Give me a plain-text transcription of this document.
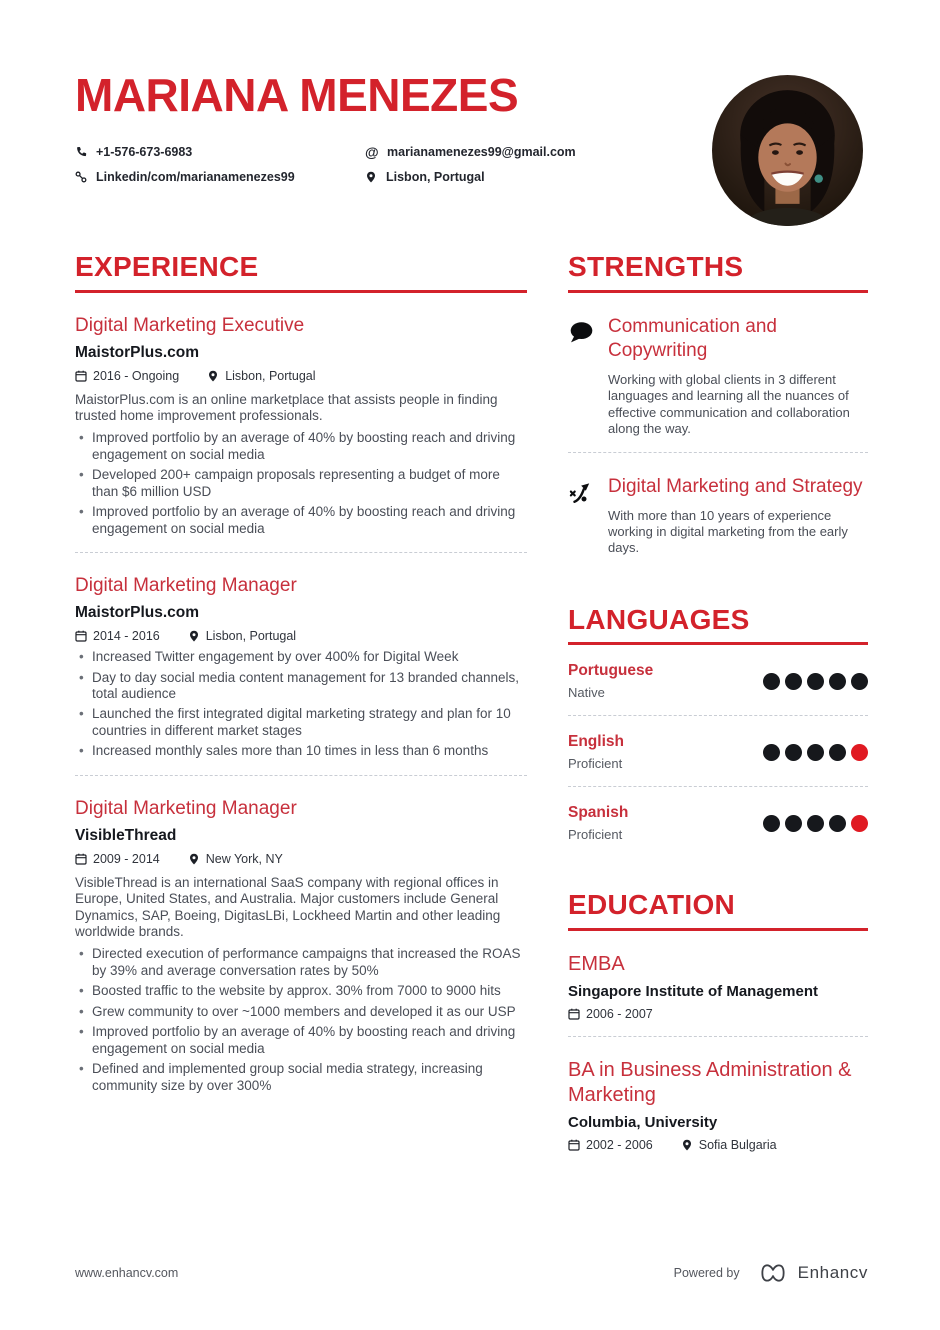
MARIANA MENEZES
+1-576-673-6983	@ marianamenezes99@gmail.com
Linkedin/com/marianamenezes99	Lisbon, Portugal
EXPERIENCE
Digital Marketing Executive
MaistorPlus.com
2016 - Ongoing	Lisbon, Portugal

MaistorPlus.com is an online marketplace that assists people in finding trusted home improvement professionals.

• Improved portfolio by an average of 40% by boosting reach and driving engagement on social media
• Developed 200+ campaign proposals representing a budget of more than $6 million USD
• Improved portfolio by an average of 40% by boosting reach and driving engagement on social media
Digital Marketing Manager
MaistorPlus.com
2014 - 2016	Lisbon, Portugal
• Increased Twitter engagement by over 400% for Digital Week
• Day to day social media content management for 13 branded channels, total audience
• Launched the first integrated digital marketing strategy and plan for 10 countries in different market stages
• Increased monthly sales more than 10 times in less than 6 months
Digital Marketing Manager
VisibleThread
2009 - 2014	New York, NY

VisibleThread is an international SaaS company with regional offices in Europe, United States, and Australia. Major customers include General Dynamics, SAP, Boeing, DigitasLBi, Lockheed Martin and other leading worldwide brands.

• Directed execution of performance campaigns that increased the ROAS by 39% and average conversation rates by 50%
• Boosted traffic to the website by approx. 30% from 7000 to 9000 hits
• Grew community to over ~1000 members and developed it as our USP
• Improved portfolio by an average of 40% by boosting reach and driving engagement on social media
• Defined and implemented group social media strategy, increasing community size by over 300%
STRENGTHS
Communication and Copywriting

Working with global clients in 3 different languages and learning all the nuances of effective communication and collaboration along the way.

Digital Marketing and Strategy

With more than 10 years of experience working in digital marketing from the early days.

LANGUAGES
Portuguese
Native
English
Proficient
Spanish
Proficient
EDUCATION
EMBA
Singapore Institute of Management
2006 - 2007
BA in Business Administration & Marketing
Columbia, University
2002 - 2006	Sofia Bulgaria
www.enhancv.com	Powered by	Enhancv
